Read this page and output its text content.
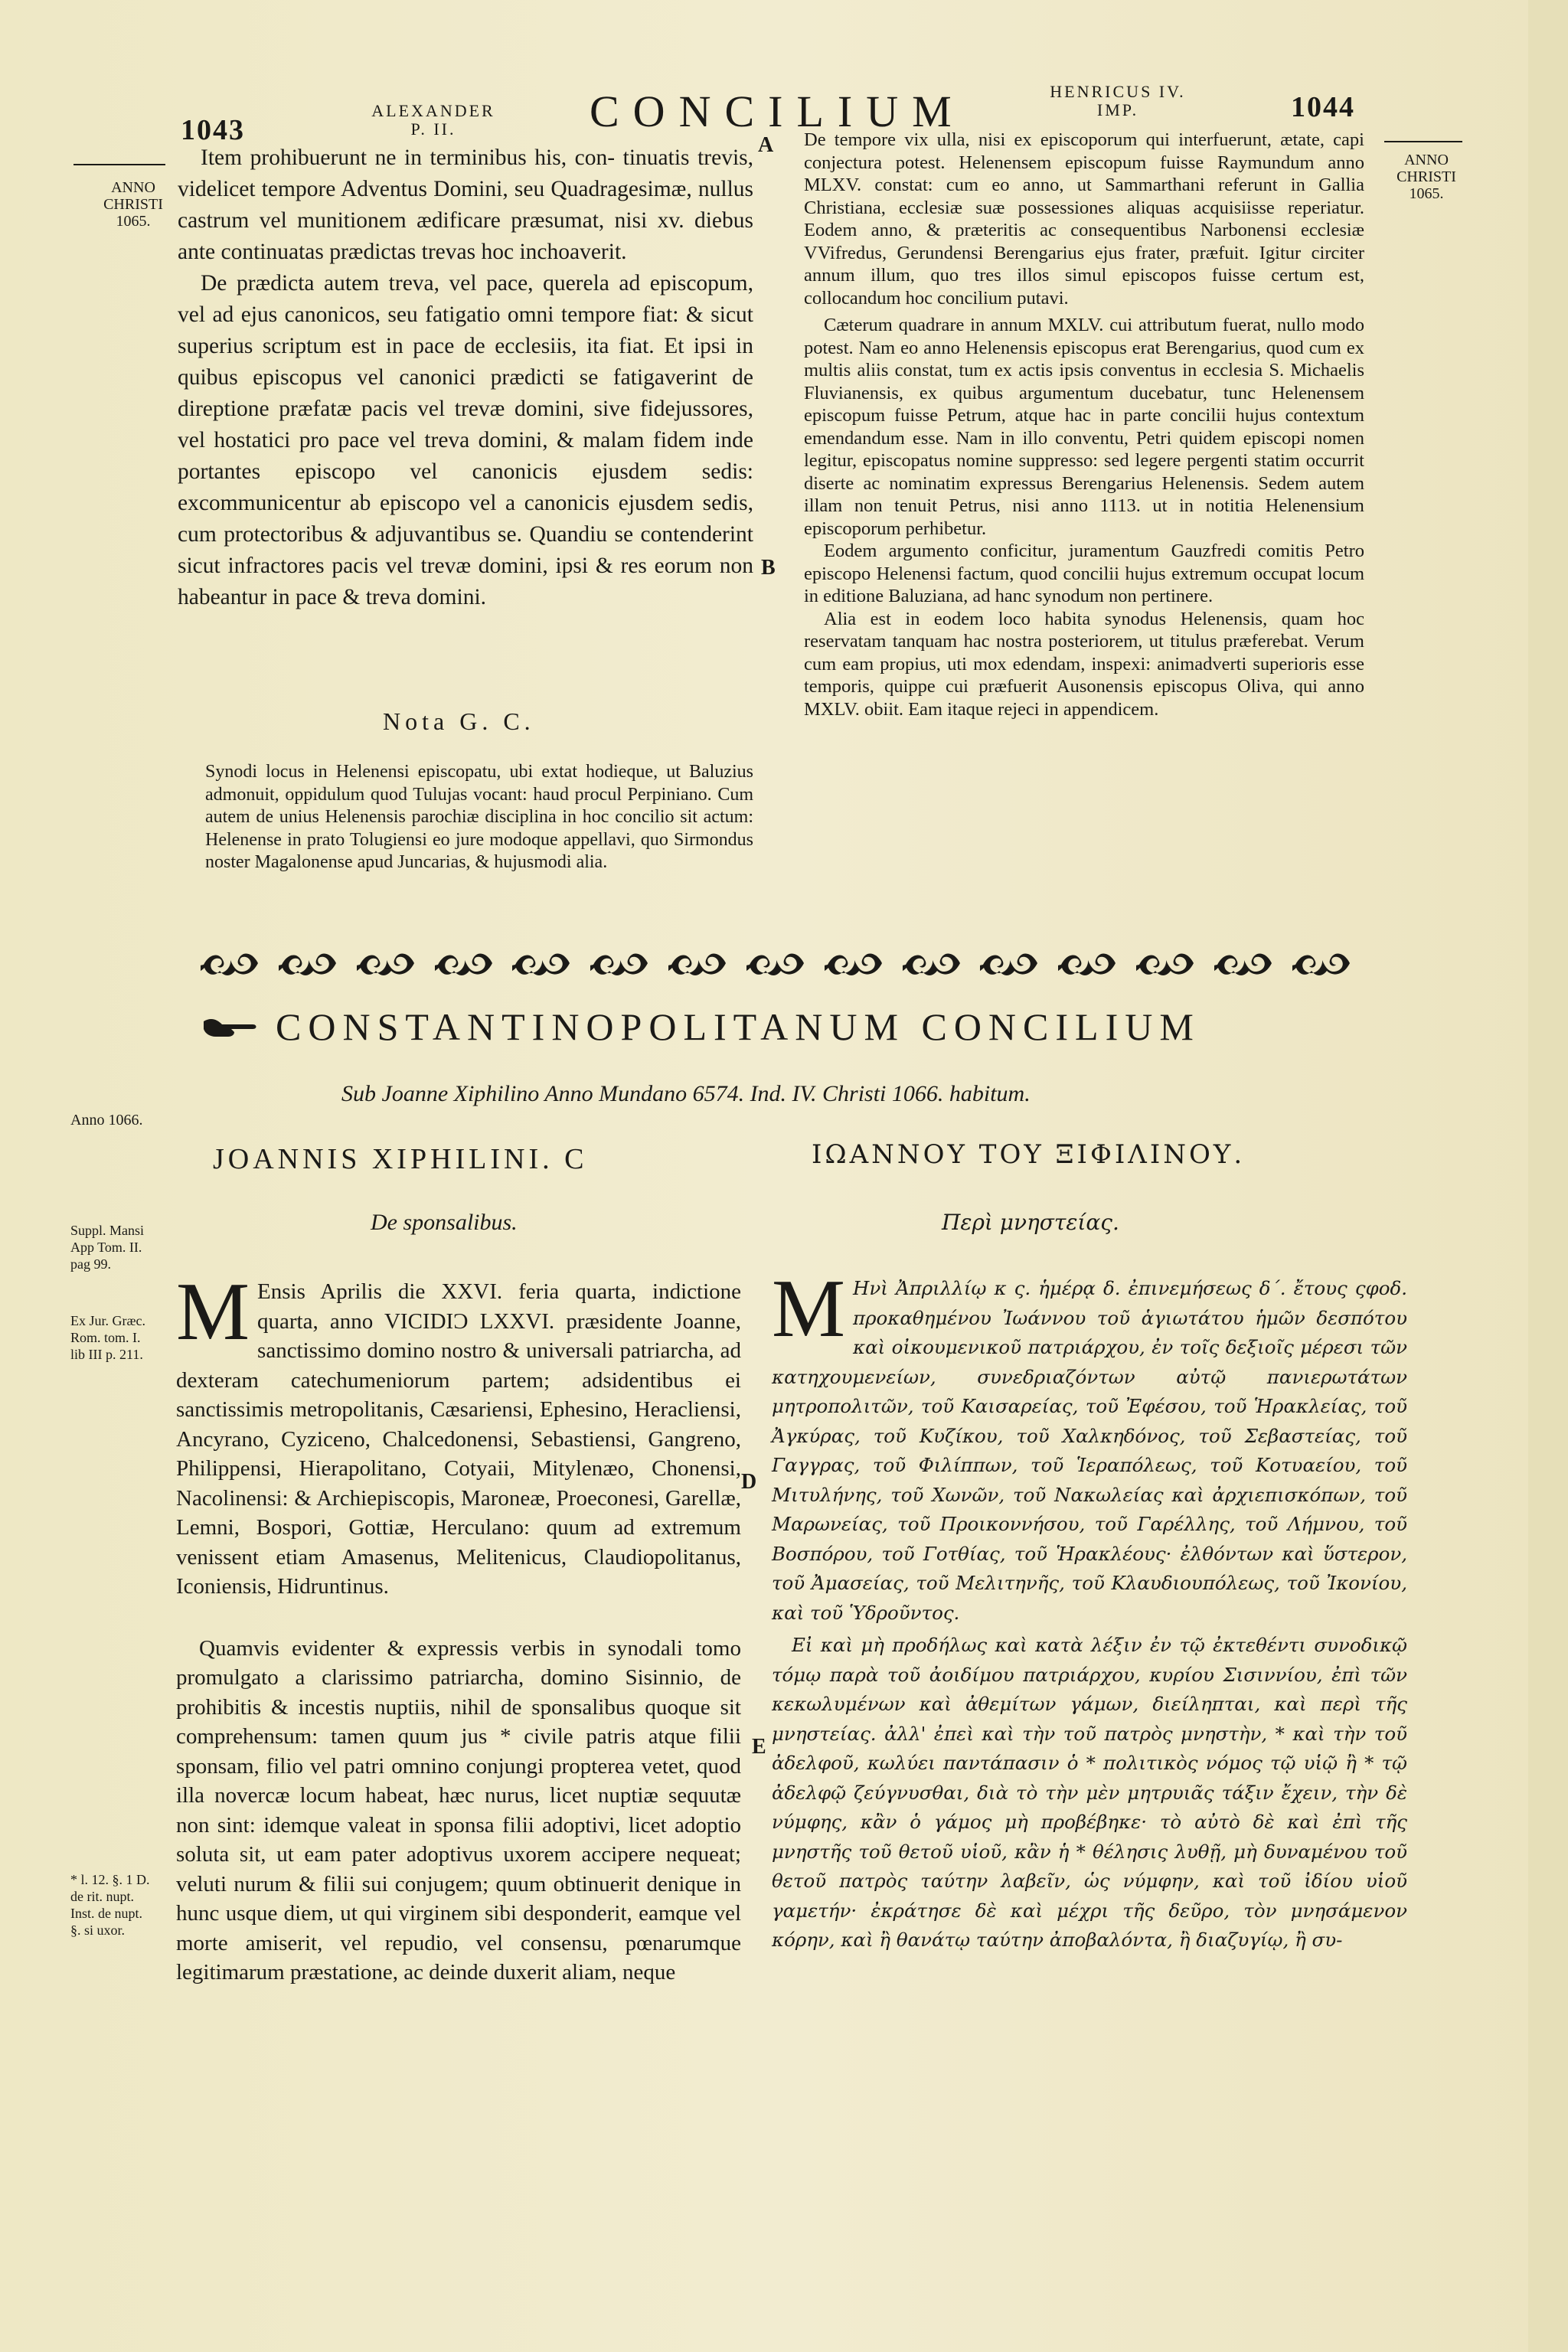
1043
ALEXANDER
P. II.	CONCILIUM	HENRICUS IV.
IMP.	1044
ANNO
CHRISTI
1065.
ANNO
CHRISTI
1065.

Item prohibuerunt ne in terminibus his, con- tinuatis trevis, videlicet tempore Adventus Domini, seu Quadragesimæ, nullus castrum vel munitionem ædificare præsumat, nisi xv. diebus ante continuatas prædictas trevas hoc inchoaverit.

De prædicta autem treva, vel pace, querela ad episcopum, vel ad ejus canonicos, seu fatigatio omni tempore fiat: & sicut superius scriptum est in pace de ecclesiis, ita fiat. Et ipsi in quibus episcopus vel canonici prædicti se fatigaverint de direptione præfatæ pacis vel trevæ domini, sive fidejussores, vel hostatici pro pace vel treva domini, & malam fidem inde portantes episcopo vel canonicis ejusdem sedis: excommunicentur ab episcopo vel a canonicis ejusdem sedis, cum protectoribus & adjuvantibus se. Quandiu se contenderint sicut infractores pacis vel trevæ domini, ipsi & res eorum non habeantur in pace & treva domini.

Nota G. C.

Synodi locus in Helenensi episcopatu, ubi extat hodieque, ut Baluzius admonuit, oppidulum quod Tulujas vocant: haud procul Perpiniano. Cum autem de unius Helenensis parochiæ disciplina in hoc concilio sit actum: Helenense in prato Tolugiensi eo jure modoque appellavi, quo Sirmondus noster Magalonense apud Juncarias, & hujusmodi alia.

A
B
D
E

De tempore vix ulla, nisi ex episcoporum qui interfuerunt, ætate, capi conjectura potest. Helenensem episcopum fuisse Raymundum anno MLXV. constat: cum eo anno, ut Sammarthani referunt in Gallia Christiana, ecclesiæ suæ possessiones aliquas acquisiisse reperiatur. Eodem anno, & præteritis ac consequentibus Narbonensi ecclesiæ VVifredus, Gerundensi Berengarius ejus frater, præfuit. Igitur circiter annum illum, quo tres illos simul episcopos fuisse certum est, collocandum hoc concilium putavi.

Cæterum quadrare in annum MXLV. cui attributum fuerat, nullo modo potest. Nam eo anno Helenensis episcopus erat Berengarius, quod cum ex multis aliis constat, tum ex actis ipsis conventus in ecclesia S. Michaelis Fluvianensis, ex quibus argumentum ducebatur, tunc Helenensem episcopum fuisse Petrum, atque hac in parte concilii hujus contextum emendandum esse. Nam in illo conventu, Petri quidem episcopi nomen legitur, episcopatus nomine suppresso: sed legere pergenti statim occurrit diserte ac nominatim expressus Berengarius Helenensis. Sedem autem illam non tenuit Petrus, nisi anno 1113. ut in notitia Helenensium episcoporum perhibetur.

Eodem argumento conficitur, juramentum Gauzfredi comitis Petro episcopo Helenensi factum, quod concilii hujus extremum occupat locum in editione Baluziana, ad hanc synodum non pertinere.

Alia est in eodem loco habita synodus Helenensis, quam hoc reservatam tanquam hac nostra posteriorem, ut titulus præferebat. Verum cum eam propius, uti mox edendam, inspexi: animadverti superioris esse temporis, quippe cui præfuerit Ausonensis episcopus Oliva, qui anno MXLV. obiit. Eam itaque rejeci in appendicem.

CONSTANTINOPOLITANUM CONCILIUM
Sub Joanne Xiphilino Anno Mundano 6574. Ind. IV. Christi 1066. habitum.
Anno 1066.
JOANNIS XIPHILINI. C	ΙΩΑΝΝΟΥ ΤΟΥ ΞΙΦΙΛΙΝΟΥ.
Suppl. Mansi
App Tom. II.
pag 99.
Ex Jur. Græc.
Rom. tom. I.
lib III p. 211.
* l. 12. §. 1 D.
de rit. nupt.
Inst. de nupt.
§. si uxor.
De sponsalibus.	Περὶ μνηστείας.

M Ensis Aprilis die XXVI. feria quarta, indictione quarta, anno VICIDIƆ LXXVI. præsidente Joanne, sanctissimo domino nostro & universali patriarcha, ad dexteram catechumeniorum partem; adsidentibus ei sanctissimis metropolitanis, Cæsariensi, Ephesino, Heracliensi, Ancyrano, Cyziceno, Chalcedonensi, Sebastiensi, Gangreno, Philippensi, Hierapolitano, Cotyaii, Mitylenæo, Chonensi, Nacolinensi: & Archiepiscopis, Maroneæ, Proeconesi, Garellæ, Lemni, Bospori, Gottiæ, Herculano: quum ad extremum venissent etiam Amasenus, Melitenicus, Claudiopolitanus, Iconiensis, Hidruntinus.

Quamvis evidenter & expressis verbis in synodali tomo promulgato a clarissimo patriarcha, domino Sisinnio, de prohibitis & incestis nuptiis, nihil de sponsalibus quoque sit comprehensum: tamen quum jus * civile patris atque filii sponsam, filio vel patri omnino conjungi propterea vetet, quod illa novercæ locum habeat, hæc nurus, licet nuptiæ sequutæ non sint: idemque valeat in sponsa filii adoptivi, licet adoptio soluta sit, ut eam pater adoptivus uxorem accipere nequeat; veluti nurum & filii sui conjugem; quum obtinuerit denique in hunc usque diem, ut qui virginem sibi desponderit, eamque vel morte amiserit, vel repudio, vel consensu, pœnarumque legitimarum præstatione, ac deinde duxerit aliam, neque

M Ηνὶ Ἀπριλλίῳ κ ς. ἡμέρᾳ δ. ἐπινεμήσεως δ΄. ἔτους ςφοδ. προκαθημένου Ἰωάννου τοῦ ἁγιωτάτου ἡμῶν δεσπότου καὶ οἰκουμενικοῦ πατριάρχου, ἐν τοῖς δεξιοῖς μέρεσι τῶν κατηχουμενείων, συνεδριαζόντων αὐτῷ πανιερωτάτων μητροπολιτῶν, τοῦ Καισαρείας, τοῦ Ἐφέσου, τοῦ Ἡρακλείας, τοῦ Ἀγκύρας, τοῦ Κυζίκου, τοῦ Χαλκηδόνος, τοῦ Σεβαστείας, τοῦ Γαγγρας, τοῦ Φιλίππων, τοῦ Ἱεραπόλεως, τοῦ Κοτυαείου, τοῦ Μιτυλήνης, τοῦ Χωνῶν, τοῦ Νακωλείας καὶ ἀρχιεπισκόπων, τοῦ Μαρωνείας, τοῦ Προικοννήσου, τοῦ Γαρέλλης, τοῦ Λήμνου, τοῦ Βοσπόρου, τοῦ Γοτθίας, τοῦ Ἡρακλέους· ἐλθόντων καὶ ὕστερον, τοῦ Ἀμασείας, τοῦ Μελιτηνῆς, τοῦ Κλαυδιουπόλεως, τοῦ Ἰκονίου, καὶ τοῦ Ὑδροῦντος.

Εἰ καὶ μὴ προδήλως καὶ κατὰ λέξιν ἐν τῷ ἐκτεθέντι συνοδικῷ τόμῳ παρὰ τοῦ ἀοιδίμου πατριάρχου, κυρίου Σισιννίου, ἐπὶ τῶν κεκωλυμένων καὶ ἀθεμίτων γάμων, διείληπται, καὶ περὶ τῆς μνηστείας. ἀλλ' ἐπεὶ καὶ τὴν τοῦ πατρὸς μνηστὴν, * καὶ τὴν τοῦ ἀδελφοῦ, κωλύει παντάπασιν ὁ * πολιτικὸς νόμος τῷ υἱῷ ἢ * τῷ ἀδελφῷ ζεύγνυσθαι, διὰ τὸ τὴν μὲν μητρυιᾶς τάξιν ἔχειν, τὴν δὲ νύμφης, κἂν ὁ γάμος μὴ προβέβηκε· τὸ αὐτὸ δὲ καὶ ἐπὶ τῆς μνηστῆς τοῦ θετοῦ υἱοῦ, κἂν ἡ * θέλησις λυθῇ, μὴ δυναμένου τοῦ θετοῦ πατρὸς ταύτην λαβεῖν, ὡς νύμφην, καὶ τοῦ ἰδίου υἱοῦ γαμετήν· ἐκράτησε δὲ καὶ μέχρι τῆς δεῦρο, τὸν μνησάμενον κόρην, καὶ ἢ θανάτῳ ταύτην ἀποβαλόντα, ἢ διαζυγίῳ, ἢ συ-
